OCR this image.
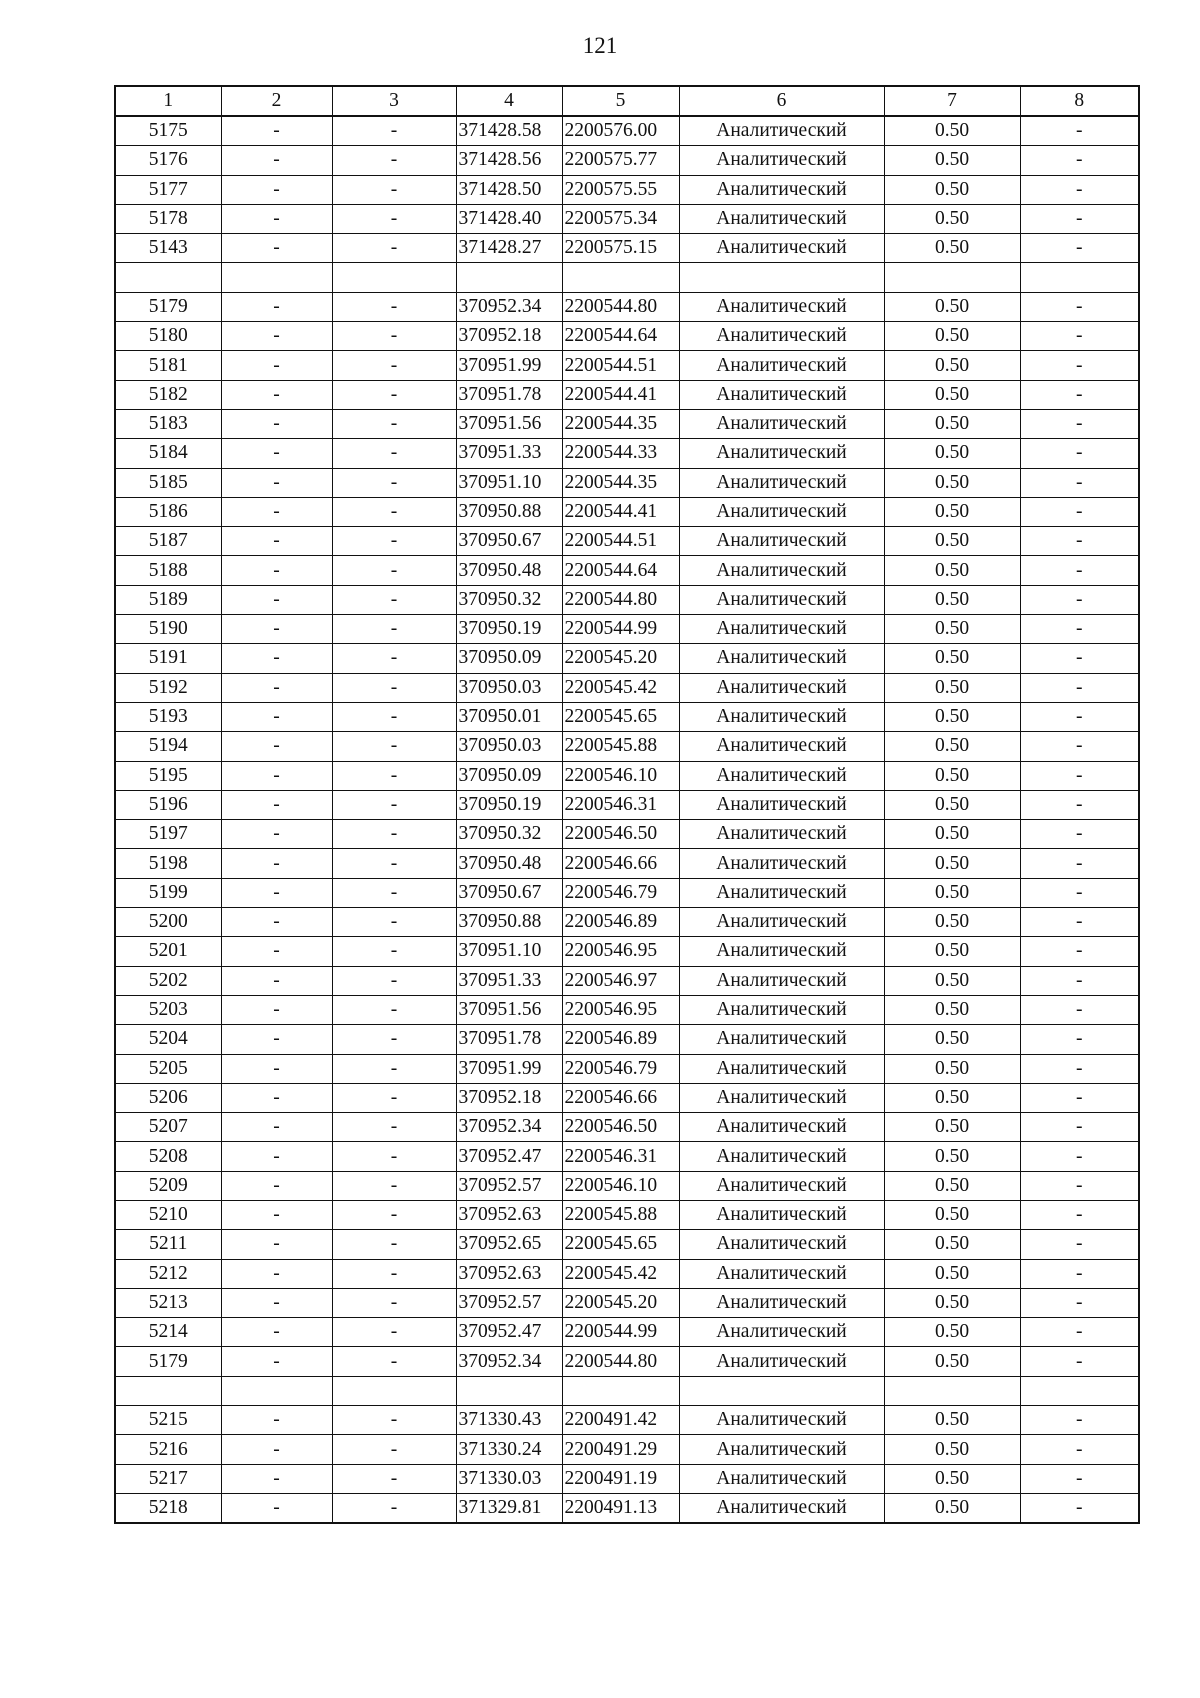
121
1	2	3	4	5	6	7	8
5175	-	-	371428.58	2200576.00	Аналитический	0.50	-
5176	-	-	371428.56	2200575.77	Аналитический	0.50	-
5177	-	-	371428.50	2200575.55	Аналитический	0.50	-
5178	-	-	371428.40	2200575.34	Аналитический	0.50	-
5143	-	-	371428.27	2200575.15	Аналитический	0.50	-

5179	-	-	370952.34	2200544.80	Аналитический	0.50	-
5180	-	-	370952.18	2200544.64	Аналитический	0.50	-
5181	-	-	370951.99	2200544.51	Аналитический	0.50	-
5182	-	-	370951.78	2200544.41	Аналитический	0.50	-
5183	-	-	370951.56	2200544.35	Аналитический	0.50	-
5184	-	-	370951.33	2200544.33	Аналитический	0.50	-
5185	-	-	370951.10	2200544.35	Аналитический	0.50	-
5186	-	-	370950.88	2200544.41	Аналитический	0.50	-
5187	-	-	370950.67	2200544.51	Аналитический	0.50	-
5188	-	-	370950.48	2200544.64	Аналитический	0.50	-
5189	-	-	370950.32	2200544.80	Аналитический	0.50	-
5190	-	-	370950.19	2200544.99	Аналитический	0.50	-
5191	-	-	370950.09	2200545.20	Аналитический	0.50	-
5192	-	-	370950.03	2200545.42	Аналитический	0.50	-
5193	-	-	370950.01	2200545.65	Аналитический	0.50	-
5194	-	-	370950.03	2200545.88	Аналитический	0.50	-
5195	-	-	370950.09	2200546.10	Аналитический	0.50	-
5196	-	-	370950.19	2200546.31	Аналитический	0.50	-
5197	-	-	370950.32	2200546.50	Аналитический	0.50	-
5198	-	-	370950.48	2200546.66	Аналитический	0.50	-
5199	-	-	370950.67	2200546.79	Аналитический	0.50	-
5200	-	-	370950.88	2200546.89	Аналитический	0.50	-
5201	-	-	370951.10	2200546.95	Аналитический	0.50	-
5202	-	-	370951.33	2200546.97	Аналитический	0.50	-
5203	-	-	370951.56	2200546.95	Аналитический	0.50	-
5204	-	-	370951.78	2200546.89	Аналитический	0.50	-
5205	-	-	370951.99	2200546.79	Аналитический	0.50	-
5206	-	-	370952.18	2200546.66	Аналитический	0.50	-
5207	-	-	370952.34	2200546.50	Аналитический	0.50	-
5208	-	-	370952.47	2200546.31	Аналитический	0.50	-
5209	-	-	370952.57	2200546.10	Аналитический	0.50	-
5210	-	-	370952.63	2200545.88	Аналитический	0.50	-
5211	-	-	370952.65	2200545.65	Аналитический	0.50	-
5212	-	-	370952.63	2200545.42	Аналитический	0.50	-
5213	-	-	370952.57	2200545.20	Аналитический	0.50	-
5214	-	-	370952.47	2200544.99	Аналитический	0.50	-
5179	-	-	370952.34	2200544.80	Аналитический	0.50	-

5215	-	-	371330.43	2200491.42	Аналитический	0.50	-
5216	-	-	371330.24	2200491.29	Аналитический	0.50	-
5217	-	-	371330.03	2200491.19	Аналитический	0.50	-
5218	-	-	371329.81	2200491.13	Аналитический	0.50	-
